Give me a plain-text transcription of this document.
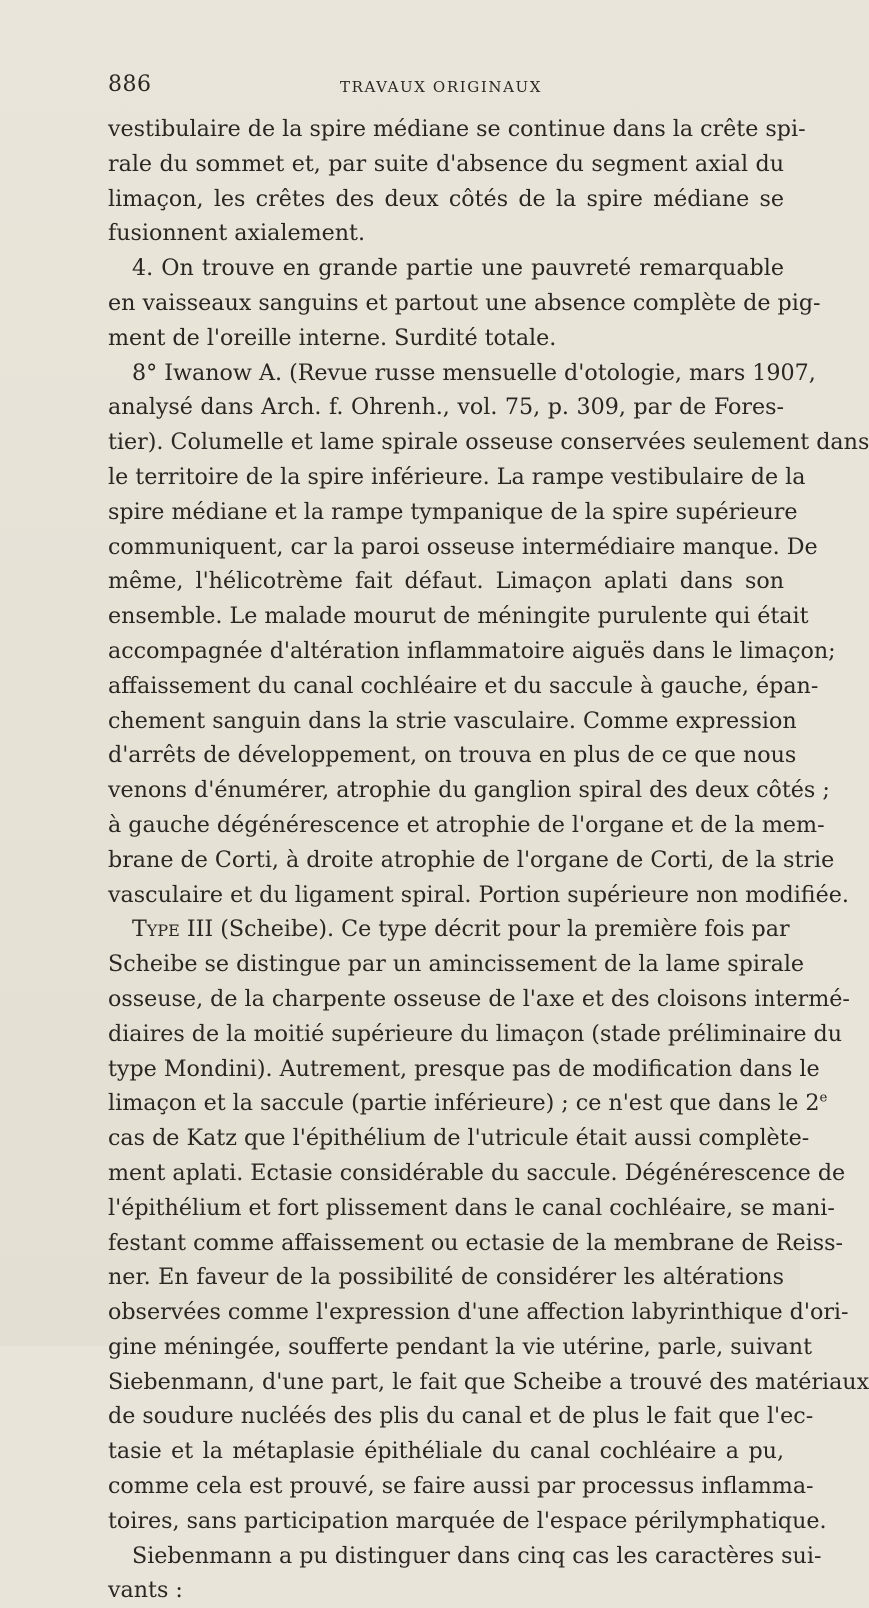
886	TRAVAUX ORIGINAUX
vestibulaire de la spire médiane se continue dans la crête spi-
rale du sommet et, par suite d'absence du segment axial du
limaçon, les crêtes des deux côtés de la spire médiane se
fusionnent axialement.
4. On trouve en grande partie une pauvreté remarquable
en vaisseaux sanguins et partout une absence complète de pig-
ment de l'oreille interne. Surdité totale.
8° Iwanow A. (Revue russe mensuelle d'otologie, mars 1907,
analysé dans Arch. f. Ohrenh., vol. 75, p. 309, par de Fores-
tier). Columelle et lame spirale osseuse conservées seulement dans
le territoire de la spire inférieure. La rampe vestibulaire de la
spire médiane et la rampe tympanique de la spire supérieure
communiquent, car la paroi osseuse intermédiaire manque. De
même, l'hélicotrème fait défaut. Limaçon aplati dans son
ensemble. Le malade mourut de méningite purulente qui était
accompagnée d'altération inflammatoire aiguës dans le limaçon;
affaissement du canal cochléaire et du saccule à gauche, épan-
chement sanguin dans la strie vasculaire. Comme expression
d'arrêts de développement, on trouva en plus de ce que nous
venons d'énumérer, atrophie du ganglion spiral des deux côtés ;
à gauche dégénérescence et atrophie de l'organe et de la mem-
brane de Corti, à droite atrophie de l'organe de Corti, de la strie
vasculaire et du ligament spiral. Portion supérieure non modifiée.
Type III (Scheibe). Ce type décrit pour la première fois par
Scheibe se distingue par un amincissement de la lame spirale
osseuse, de la charpente osseuse de l'axe et des cloisons intermé-
diaires de la moitié supérieure du limaçon (stade préliminaire du
type Mondini). Autrement, presque pas de modification dans le
limaçon et la saccule (partie inférieure) ; ce n'est que dans le 2e
cas de Katz que l'épithélium de l'utricule était aussi complète-
ment aplati. Ectasie considérable du saccule. Dégénérescence de
l'épithélium et fort plissement dans le canal cochléaire, se mani-
festant comme affaissement ou ectasie de la membrane de Reiss-
ner. En faveur de la possibilité de considérer les altérations
observées comme l'expression d'une affection labyrinthique d'ori-
gine méningée, soufferte pendant la vie utérine, parle, suivant
Siebenmann, d'une part, le fait que Scheibe a trouvé des matériaux
de soudure nucléés des plis du canal et de plus le fait que l'ec-
tasie et la métaplasie épithéliale du canal cochléaire a pu,
comme cela est prouvé, se faire aussi par processus inflamma-
toires, sans participation marquée de l'espace périlymphatique.
Siebenmann a pu distinguer dans cinq cas les caractères sui-
vants :
